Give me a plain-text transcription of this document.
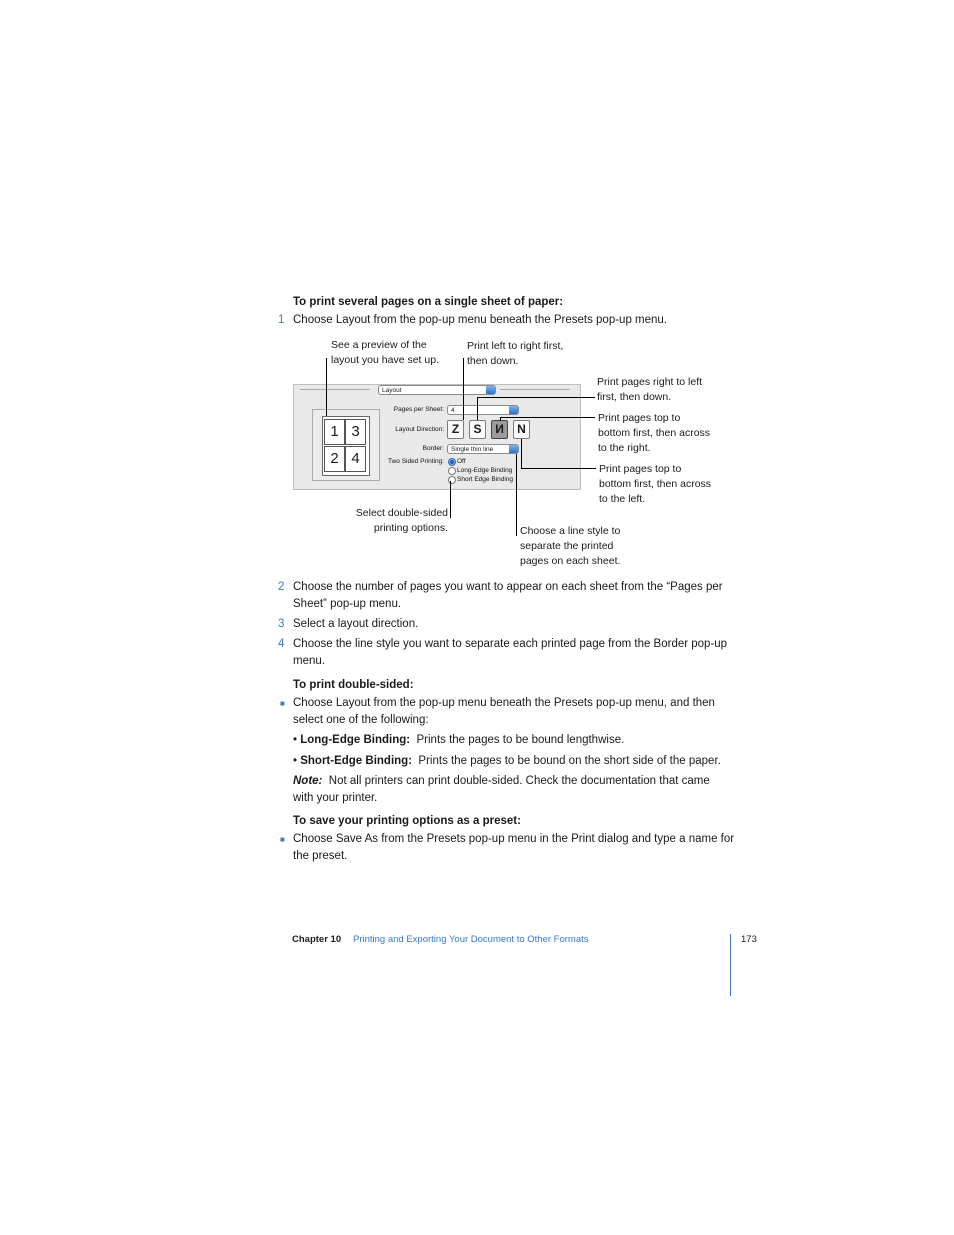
To print several pages on a single sheet of paper:
1 Choose Layout from the pop-up menu beneath the Presets pop-up menu.
See a preview of the
layout you have set up.
Print left to right first,
then down.
Print pages right to left
first, then down.
Print pages top to
bottom first, then across
to the right.
Print pages top to
bottom first, then across
to the left.
Select double-sided
printing options.	Choose a line style to
separate the printed
pages on each sheet.
Layout
1 3
2 4
Pages per Sheet:	4
Layout Direction: Z	S	И	N
Border:	Single thin line
Two Sided Printing: Off
Long-Edge Binding
Short Edge Binding
2 Choose the number of pages you want to appear on each sheet from the “Pages per
Sheet” pop-up menu.
3 Select a layout direction.
4 Choose the line style you want to separate each printed page from the Border pop-up
menu.
To print double-sided:
■ Choose Layout from the pop-up menu beneath the Presets pop-up menu, and then
select one of the following:
• Long-Edge Binding: Prints the pages to be bound lengthwise.
• Short-Edge Binding: Prints the pages to be bound on the short side of the paper.
Note: Not all printers can print double-sided. Check the documentation that came
with your printer.
To save your printing options as a preset:
■ Choose Save As from the Presets pop-up menu in the Print dialog and type a name for
the preset.
Chapter 10 Printing and Exporting Your Document to Other Formats	173
